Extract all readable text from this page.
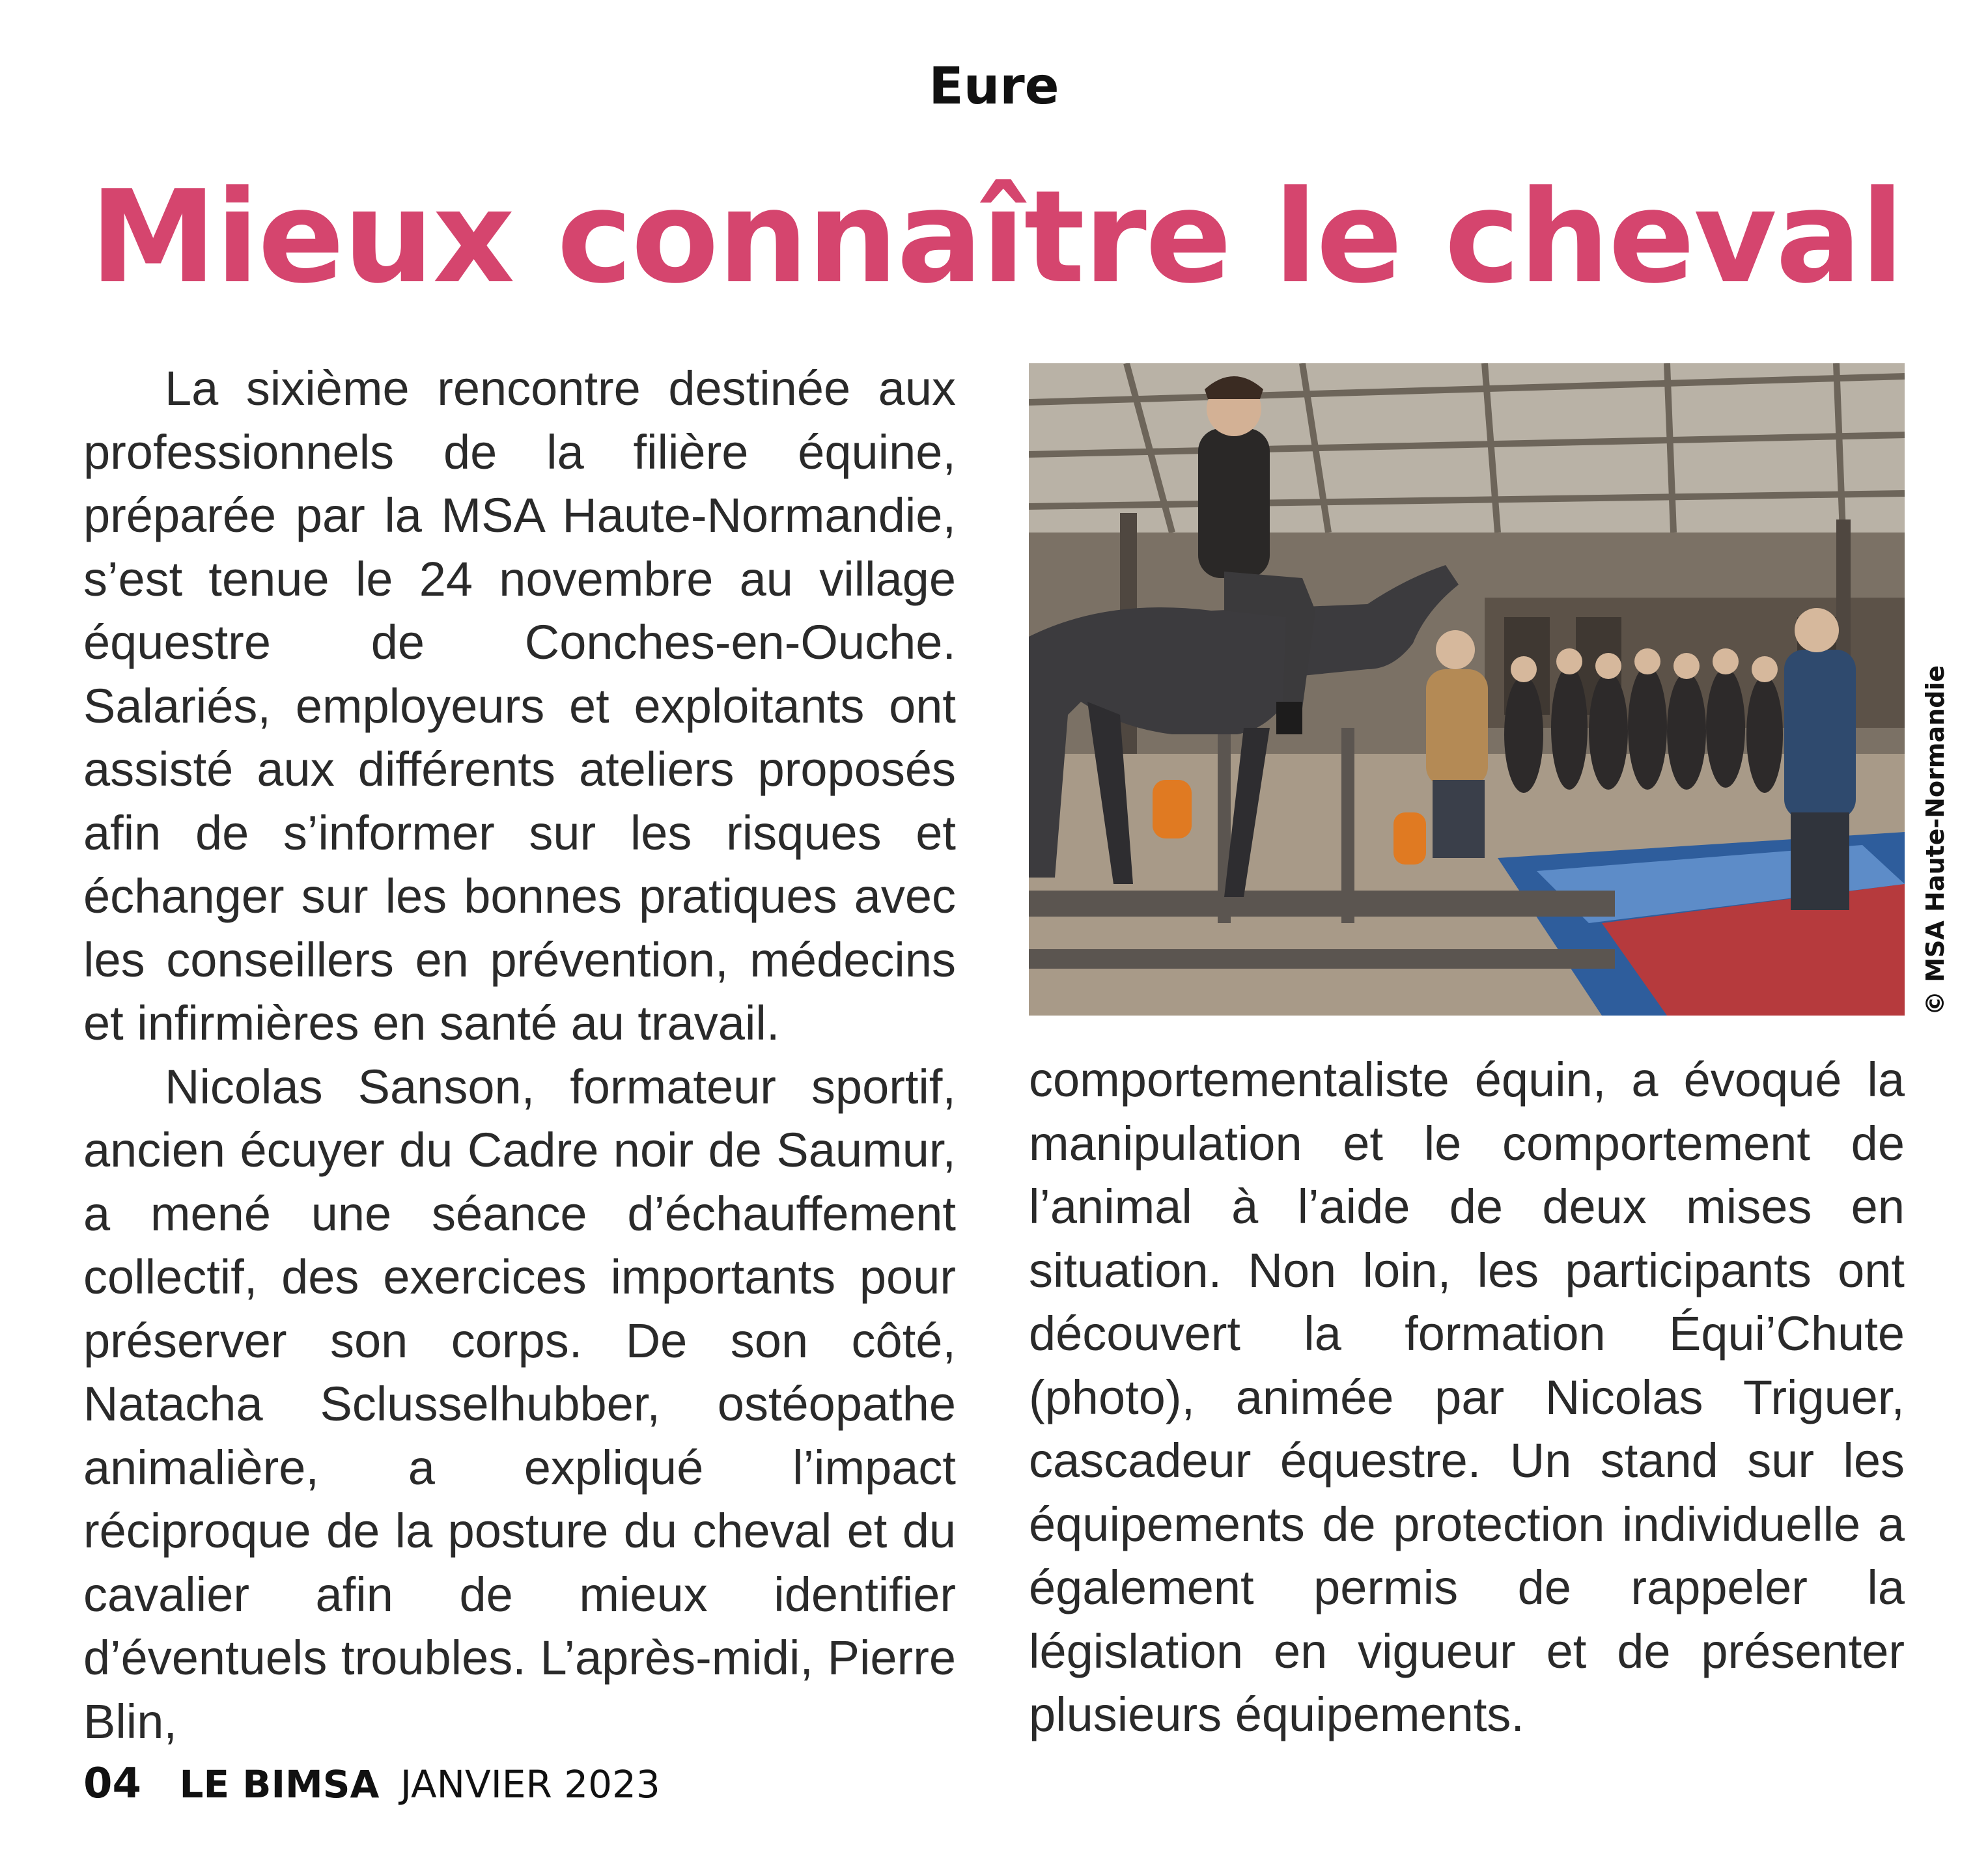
Eure
Mieux connaître le cheval

La sixième rencontre destinée aux professionnels de la filière équine, préparée par la MSA Haute-Normandie, s’est tenue le 24 novembre au village équestre de Conches-en-Ouche. Salariés, employeurs et exploitants ont assisté aux différents ateliers proposés afin de s’informer sur les risques et échanger sur les bonnes pratiques avec les conseillers en prévention, médecins et infirmières en santé au travail.

Nicolas Sanson, formateur sportif, ancien écuyer du Cadre noir de Saumur, a mené une séance d’échauffement collectif, des exercices importants pour préserver son corps. De son côté, Natacha Sclusselhubber, ostéopathe animalière, a expliqué l’impact réciproque de la posture du cheval et du cavalier afin de mieux identifier d’éventuels troubles. L’après-midi, Pierre Blin,

© MSA Haute-Normandie

comportementaliste équin, a évoqué la manipulation et le comportement de l’animal à l’aide de deux mises en situation. Non loin, les participants ont découvert la formation Équi’Chute (photo), animée par Nicolas Triguer, cascadeur équestre. Un stand sur les équipements de protection individuelle a également permis de rappeler la législation en vigueur et de présenter plusieurs équipements.

04 LE BIMSA JANVIER 2023
